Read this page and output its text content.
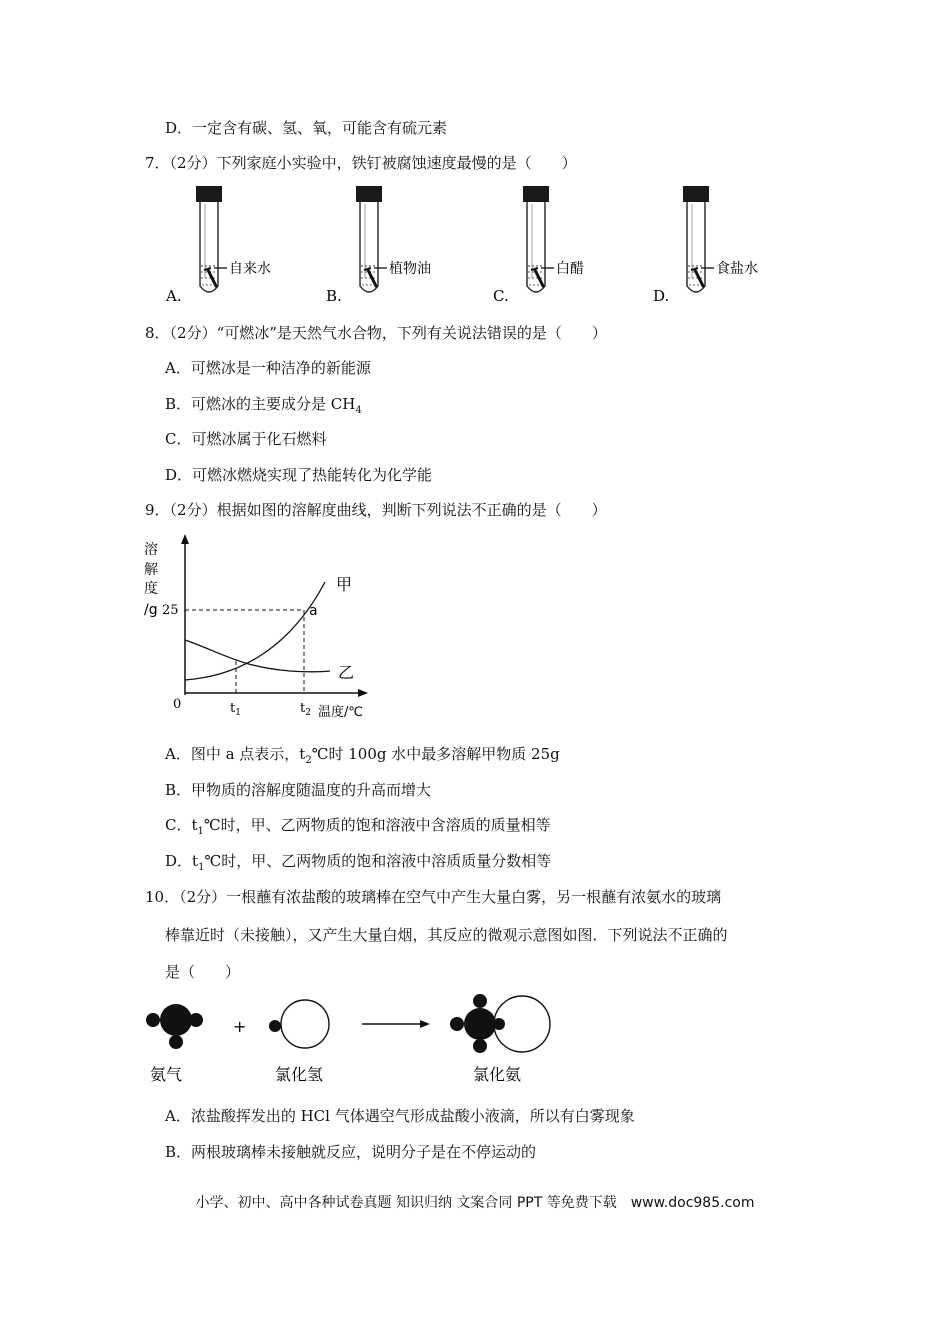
D．一定含有碳、氢、氧，可能含有硫元素
7．（2分）下列家庭小实验中，铁钉被腐蚀速度最慢的是（　　）
自来水	植物油	白醋	食盐水
A.	B.	C.	D.
8．（2分）“可燃冰”是天然气水合物，下列有关说法错误的是（　　）
A．可燃冰是一种洁净的新能源
B．可燃冰的主要成分是 $CH_4$
C．可燃冰属于化石燃料
D．可燃冰燃烧实现了热能转化为化学能
9．（2分）根据如图的溶解度曲线，判断下列说法不正确的是（　　）
溶
解
度
/g 25
甲
乙
a
0	$t_1$	$t_2$ 温度/℃
A．图中 a 点表示，$t_2℃$时 100g 水中最多溶解甲物质 25g
B．甲物质的溶解度随温度的升高而增大
C．$t_1℃$时，甲、乙两物质的饱和溶液中含溶质的质量相等
D．$t_1℃$时，甲、乙两物质的饱和溶液中溶质质量分数相等
10．（2分）一根蘸有浓盐酸的玻璃棒在空气中产生大量白雾，另一根蘸有浓氨水的玻璃
棒靠近时（未接触），又产生大量白烟，其反应的微观示意图如图．下列说法不正确的
是（　　）
+
氨气	氯化氢	氯化氨
A．浓盐酸挥发出的 HCl 气体遇空气形成盐酸小液滴，所以有白雾现象
B．两根玻璃棒未接触就反应，说明分子是在不停运动的
小学、初中、高中各种试卷真题 知识归纳 文案合同 PPT 等免费下载　www.doc985.com
